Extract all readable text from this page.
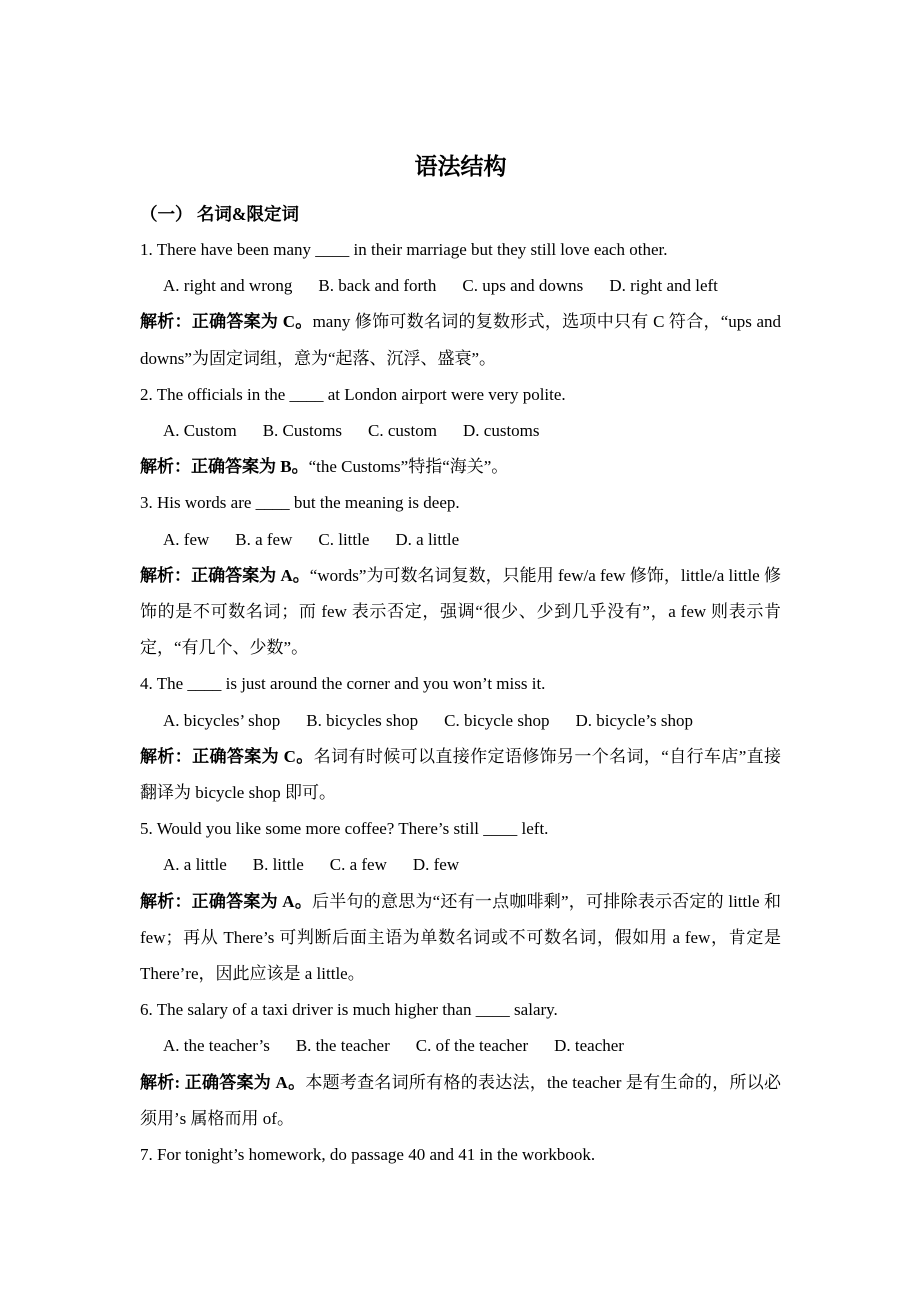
语法结构
（一） 名词&限定词

1. There have been many ____ in their marriage but they still love each other.

A. right and wrong B. back and forth C. ups and downs D. right and left

解析：正确答案为 C。many 修饰可数名词的复数形式，选项中只有 C 符合，“ups and downs”为固定词组，意为“起落、沉浮、盛衰”。

2. The officials in the ____ at London airport were very polite.

A. Custom B. Customs C. custom D. customs

解析：正确答案为 B。“the Customs”特指“海关”。

3. His words are ____ but the meaning is deep.

A. few B. a few C. little D. a little

解析：正确答案为 A。“words”为可数名词复数，只能用 few/a few 修饰，little/a little 修饰的是不可数名词；而 few 表示否定，强调“很少、少到几乎没有”，a few 则表示肯定，“有几个、少数”。

4. The ____ is just around the corner and you won’t miss it.

A. bicycles’ shop B. bicycles shop C. bicycle shop D. bicycle’s shop

解析：正确答案为 C。名词有时候可以直接作定语修饰另一个名词，“自行车店”直接翻译为 bicycle shop 即可。

5. Would you like some more coffee? There’s still ____ left.

A. a little B. little C. a few D. few

解析：正确答案为 A。后半句的意思为“还有一点咖啡剩”，可排除表示否定的 little 和 few；再从 There’s 可判断后面主语为单数名词或不可数名词，假如用 a few，肯定是 There’re，因此应该是 a little。

6. The salary of a taxi driver is much higher than ____ salary.

A. the teacher’s B. the teacher C. of the teacher D. teacher

解析: 正确答案为 A。本题考查名词所有格的表达法，the teacher 是有生命的，所以必须用’s 属格而用 of。

7. For tonight’s homework, do passage 40 and 41 in the workbook.
